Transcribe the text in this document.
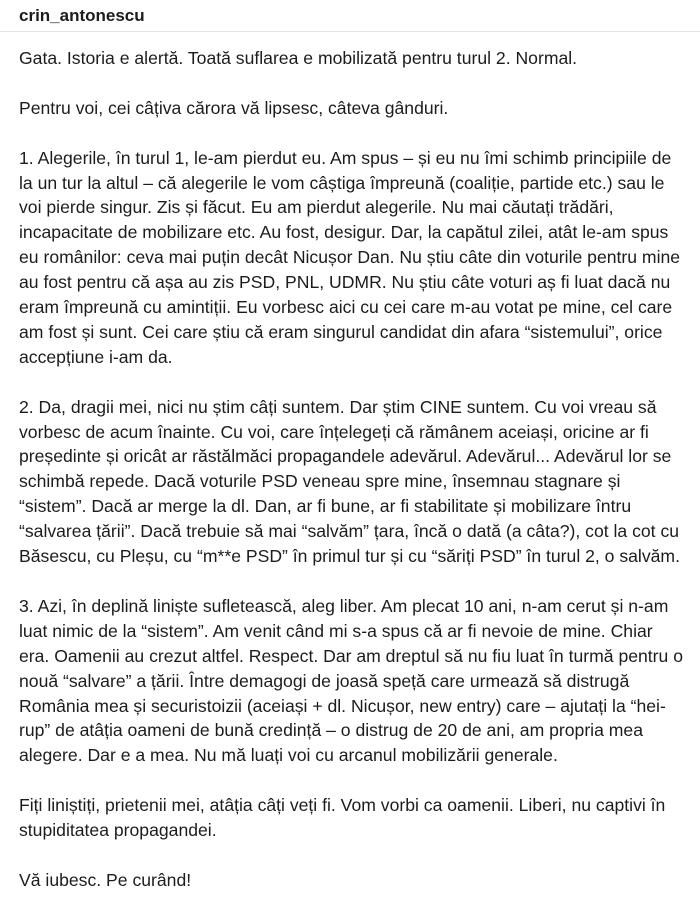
crin_antonescu

Gata. Istoria e alertă. Toată suflarea e mobilizată pentru turul 2. Normal.

Pentru voi, cei câțiva cărora vă lipsesc, câteva gânduri.

1. Alegerile, în turul 1, le-am pierdut eu. Am spus – și eu nu îmi schimb principiile de la un tur la altul – că alegerile le vom câștiga împreună (coaliție, partide etc.) sau le voi pierde singur. Zis și făcut. Eu am pierdut alegerile. Nu mai căutați trădări, incapacitate de mobilizare etc. Au fost, desigur. Dar, la capătul zilei, atât le-am spus eu românilor: ceva mai puțin decât Nicușor Dan. Nu știu câte din voturile pentru mine au fost pentru că așa au zis PSD, PNL, UDMR. Nu știu câte voturi aș fi luat dacă nu eram împreună cu amintiții. Eu vorbesc aici cu cei care m-au votat pe mine, cel care am fost și sunt. Cei care știu că eram singurul candidat din afara “sistemului”, orice accepțiune i-am da.

2. Da, dragii mei, nici nu știm câți suntem. Dar știm CINE suntem. Cu voi vreau să vorbesc de acum înainte. Cu voi, care înțelegeți că rămânem aceiași, oricine ar fi președinte și oricât ar răstălmăci propagandele adevărul. Adevărul... Adevărul lor se schimbă repede. Dacă voturile PSD veneau spre mine, însemnau stagnare și “sistem”. Dacă ar merge la dl. Dan, ar fi bune, ar fi stabilitate și mobilizare întru “salvarea țării”. Dacă trebuie să mai “salvăm” țara, încă o dată (a câta?), cot la cot cu Băsescu, cu Pleșu, cu “m**e PSD” în primul tur și cu “săriți PSD” în turul 2, o salvăm.

3. Azi, în deplină liniște sufletească, aleg liber. Am plecat 10 ani, n-am cerut și n-am luat nimic de la “sistem”. Am venit când mi s-a spus că ar fi nevoie de mine. Chiar era. Oamenii au crezut altfel. Respect. Dar am dreptul să nu fiu luat în turmă pentru o nouă “salvare” a țării. Între demagogi de joasă speță care urmează să distrugă România mea și securistoizii (aceiași + dl. Nicușor, new entry) care – ajutați la “hei-rup” de atâția oameni de bună credință – o distrug de 20 de ani, am propria mea alegere. Dar e a mea. Nu mă luați voi cu arcanul mobilizării generale.

Fiți liniștiți, prietenii mei, atâția câți veți fi. Vom vorbi ca oamenii. Liberi, nu captivi în stupiditatea propagandei.

Vă iubesc. Pe curând!
